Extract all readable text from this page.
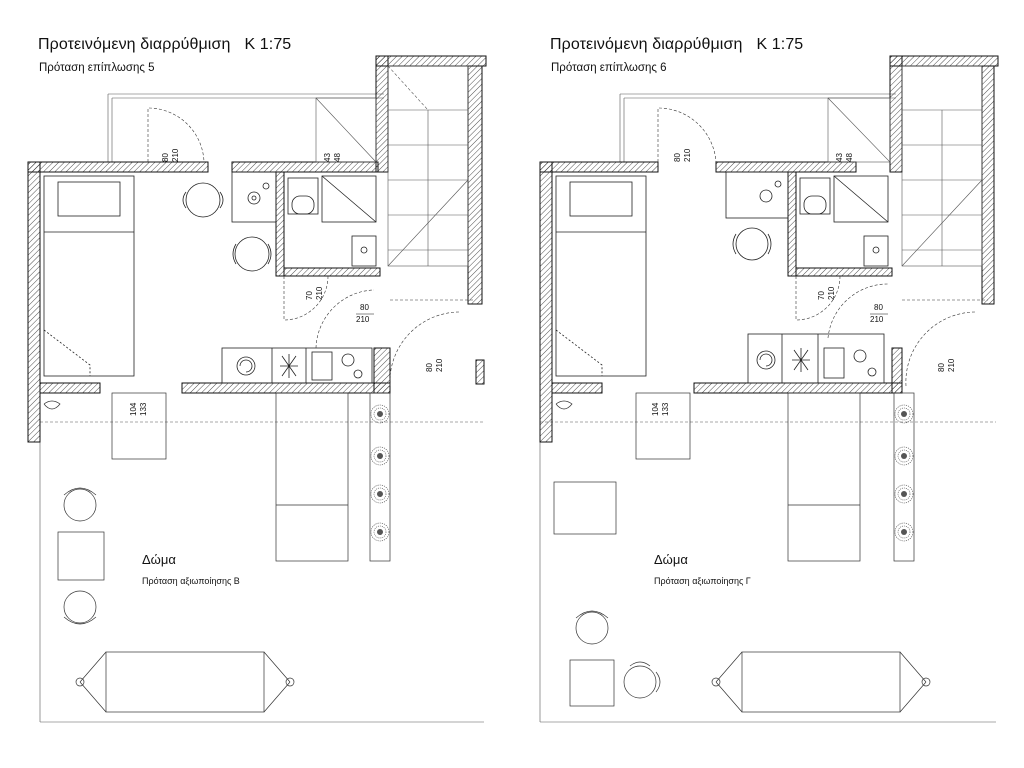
Προτεινόμενη διαρρύθμιση Κ 1:75
Πρόταση επίπλωσης 5
80 210	43 48
70 210
80
210
80 210
104 133
Δώμα
Πρόταση αξιωποίησης Β
Προτεινόμενη διαρρύθμιση Κ 1:75
Πρόταση επίπλωσης 6
80 210	43 48
70 210
80
210
80 210
104 133
Δώμα
Πρόταση αξιωποίησης Γ
